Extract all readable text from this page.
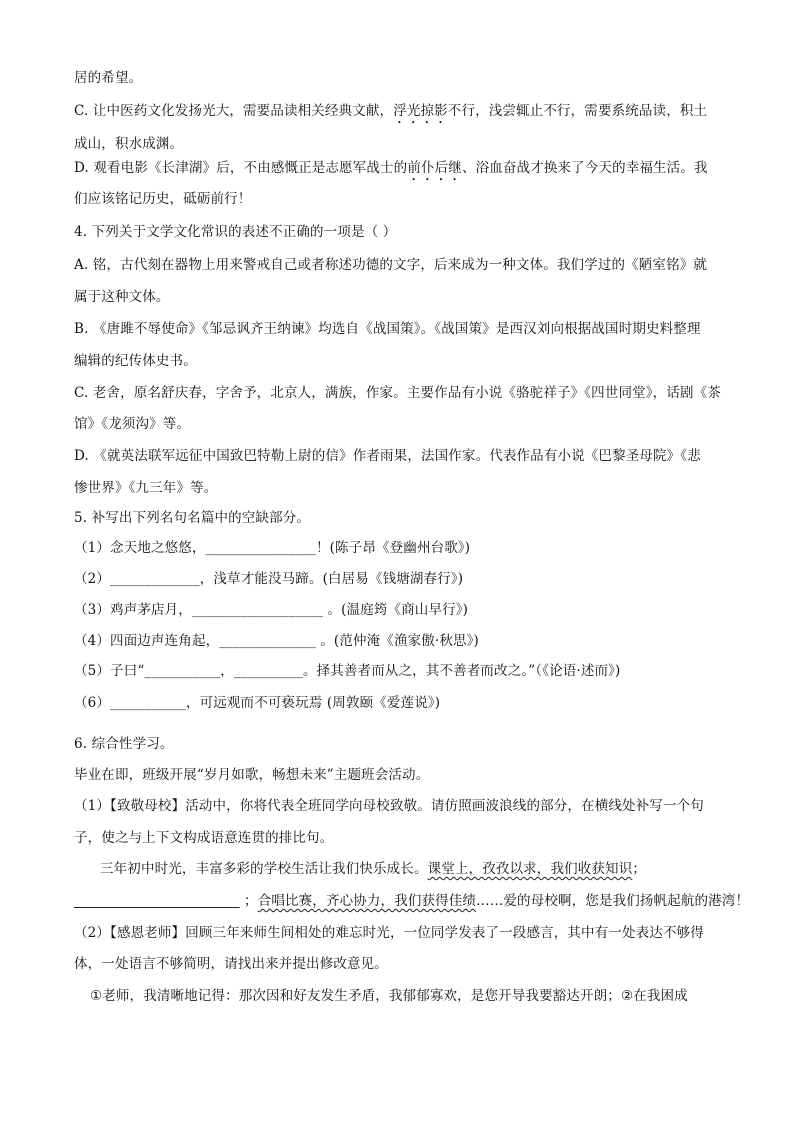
居的希望。
C. 让中医药文化发扬光大，需要品读相关经典文献，浮光掠影不行，浅尝辄止不行，需要系统品读，积土
成山，积水成渊。
D. 观看电影《长津湖》后，不由感慨正是志愿军战士的前仆后继、浴血奋战才换来了今天的幸福生活。我
们应该铭记历史，砥砺前行！
4. 下列关于文学文化常识的表述不正确的一项是（ ）
A. 铭，古代刻在器物上用来警戒自己或者称述功德的文字，后来成为一种文体。我们学过的《陋室铭》就
属于这种文体。
B. 《唐雎不辱使命》《邹忌讽齐王纳谏》均选自《战国策》。《战国策》是西汉刘向根据战国时期史料整理
编辑的纪传体史书。
C. 老舍，原名舒庆春，字舍予，北京人，满族，作家。主要作品有小说《骆驼祥子》《四世同堂》，话剧《茶
馆》《龙须沟》等。
D. 《就英法联军远征中国致巴特勒上尉的信》作者雨果，法国作家。代表作品有小说《巴黎圣母院》《悲
惨世界》《九三年》等。
5. 补写出下列名句名篇中的空缺部分。
（1）念天地之悠悠，________________！(陈子昂《登幽州台歌》)
（2）_____________，浅草才能没马蹄。(白居易《钱塘湖春行》)
（3）鸡声茅店月，___________________ 。(温庭筠《商山早行》)
（4）四面边声连角起，______________ 。(范仲淹《渔家傲·秋思》)
（5）子曰“___________，__________。择其善者而从之，其不善者而改之。”（《论语·述而》)
（6）___________，可远观而不可亵玩焉 (周敦颐《爱莲说》)
6. 综合性学习。
毕业在即，班级开展“岁月如歌，畅想未来”主题班会活动。
（1）【致敬母校】活动中，你将代表全班同学向母校致敬。请仿照画波浪线的部分，在横线处补写一个句
子，使之与上下文构成语意连贯的排比句。
三年初中时光，丰富多彩的学校生活让我们快乐成长。课堂上，孜孜以求，我们收获知识；
________________________ ；合唱比赛，齐心协力，我们获得佳绩……爱的母校啊，您是我们扬帆起航的港湾！
（2）【感恩老师】回顾三年来师生间相处的难忘时光，一位同学发表了一段感言，其中有一处表达不够得
体，一处语言不够简明，请找出来并提出修改意见。
①老师，我清晰地记得：那次因和好友发生矛盾，我郁郁寡欢，是您开导我要豁达开朗；②在我困成
